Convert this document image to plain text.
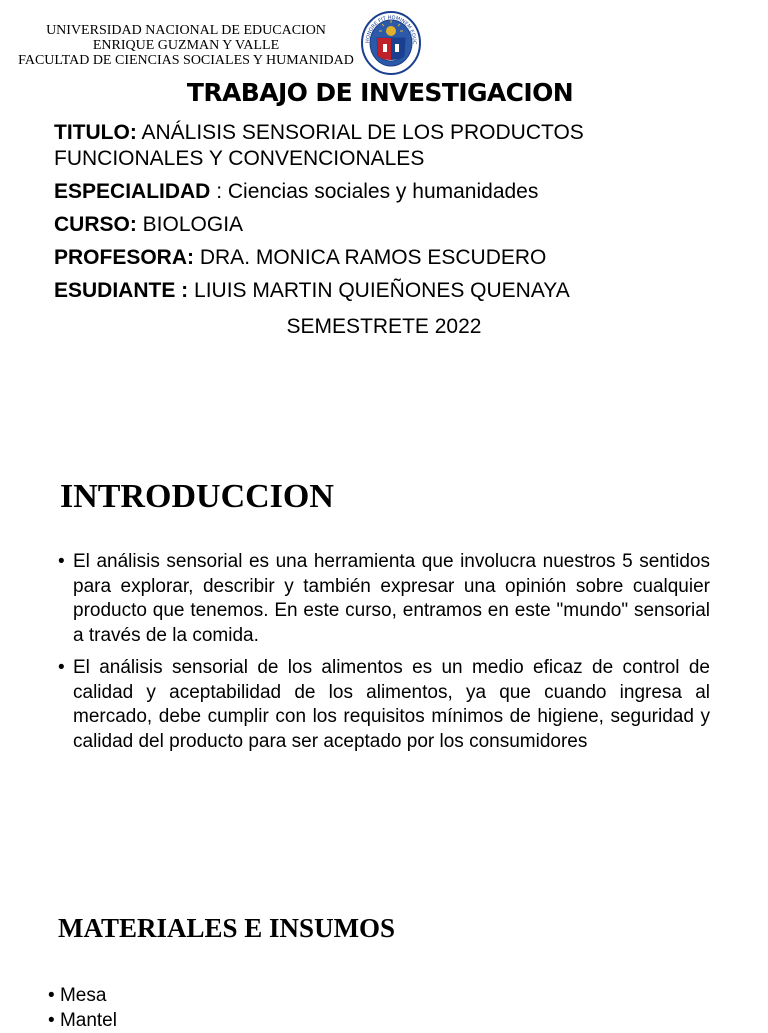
UNIVERSIDAD NACIONAL DE EDUCACION
ENRIQUE GUZMAN Y VALLE
FACULTAD DE CIENCIAS SOCIALES Y HUMANIDAD
HONORE FIT HOMINEM EDUC
TRABAJO DE INVESTIGACION
TITULO: ANÁLISIS SENSORIAL DE LOS PRODUCTOS
FUNCIONALES Y CONVENCIONALES
ESPECIALIDAD : Ciencias sociales y humanidades
CURSO: BIOLOGIA
PROFESORA: DRA. MONICA RAMOS ESCUDERO
ESUDIANTE : LIUIS MARTIN QUIEÑONES QUENAYA
SEMESTRETE 2022
INTRODUCCION
• El análisis sensorial es una herramienta que involucra nuestros 5 sentidos para explorar, describir y también expresar una opinión sobre cualquier producto que tenemos. En este curso, entramos en este "mundo" sensorial a través de la comida.
• El análisis sensorial de los alimentos es un medio eficaz de control de calidad y aceptabilidad de los alimentos, ya que cuando ingresa al mercado, debe cumplir con los requisitos mínimos de higiene, seguridad y calidad del producto para ser aceptado por los consumidores
MATERIALES E INSUMOS
• Mesa
• Mantel
